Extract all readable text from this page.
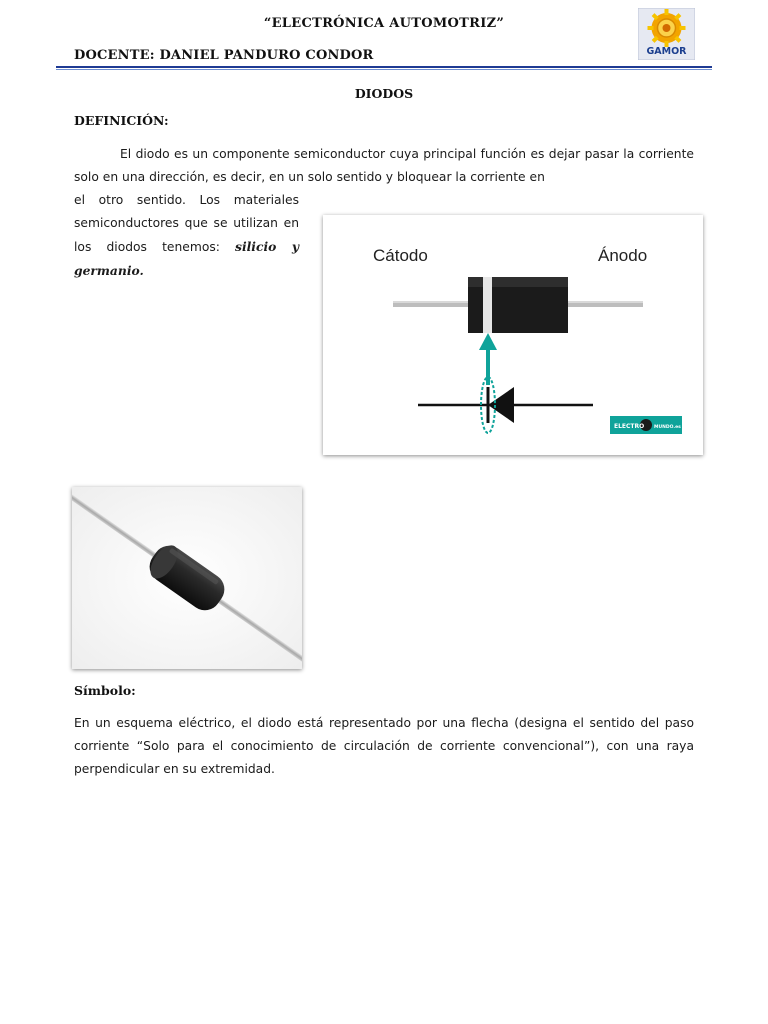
“ELECTRÓNICA AUTOMOTRIZ”
DOCENTE: DANIEL PANDURO CONDOR	GAMOR
DIODOS
DEFINICIÓN:
El diodo es un componente semiconductor cuya principal función es dejar pasar la corriente solo en una dirección, es decir, en un solo sentido y bloquear la corriente en
el otro sentido. Los materiales semiconductores que se utilizan en los diodos tenemos: silicio y germanio.
ELECTRO MUNDO.es
Cátodo	Ánodo
Símbolo:
En un esquema eléctrico, el diodo está representado por una flecha (designa el sentido del paso corriente “Solo para el conocimiento de circulación de corriente convencional”), con una raya perpendicular en su extremidad.
